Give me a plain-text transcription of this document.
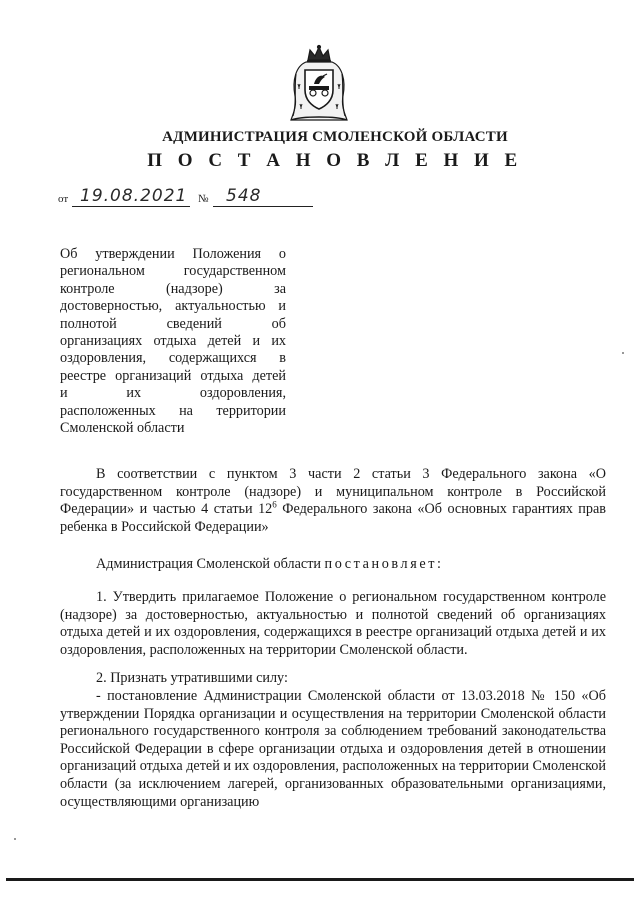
АДМИНИСТРАЦИЯ СМОЛЕНСКОЙ ОБЛАСТИ
П О С Т А Н О В Л Е Н И Е
от 19.08.2021 № 548
Об утверждении Положения о
региональном государственном
контроле (надзоре) за
достоверностью, актуальностью и
полнотой сведений об
организациях отдыха детей и их
оздоровления, содержащихся в
реестре организаций отдыха детей
и их оздоровления,
расположенных на территории
Смоленской области
В соответствии с пунктом 3 части 2 статьи 3 Федерального закона «О государственном контроле (надзоре) и муниципальном контроле в Российской Федерации» и частью 4 статьи $12^6$ Федерального закона «Об основных гарантиях прав ребенка в Российской Федерации»
Администрация Смоленской области постановляет:
1. Утвердить прилагаемое Положение о региональном государственном контроле (надзоре) за достоверностью, актуальностью и полнотой сведений об организациях отдыха детей и их оздоровления, содержащихся в реестре организаций отдыха детей и их оздоровления, расположенных на территории Смоленской области.
2. Признать утратившими силу:
- постановление Администрации Смоленской области от 13.03.2018 № 150 «Об утверждении Порядка организации и осуществления на территории Смоленской области регионального государственного контроля за соблюдением требований законодательства Российской Федерации в сфере организации отдыха и оздоровления детей в отношении организаций отдыха детей и их оздоровления, расположенных на территории Смоленской области (за исключением лагерей, организованных образовательными организациями, осуществляющими организацию
